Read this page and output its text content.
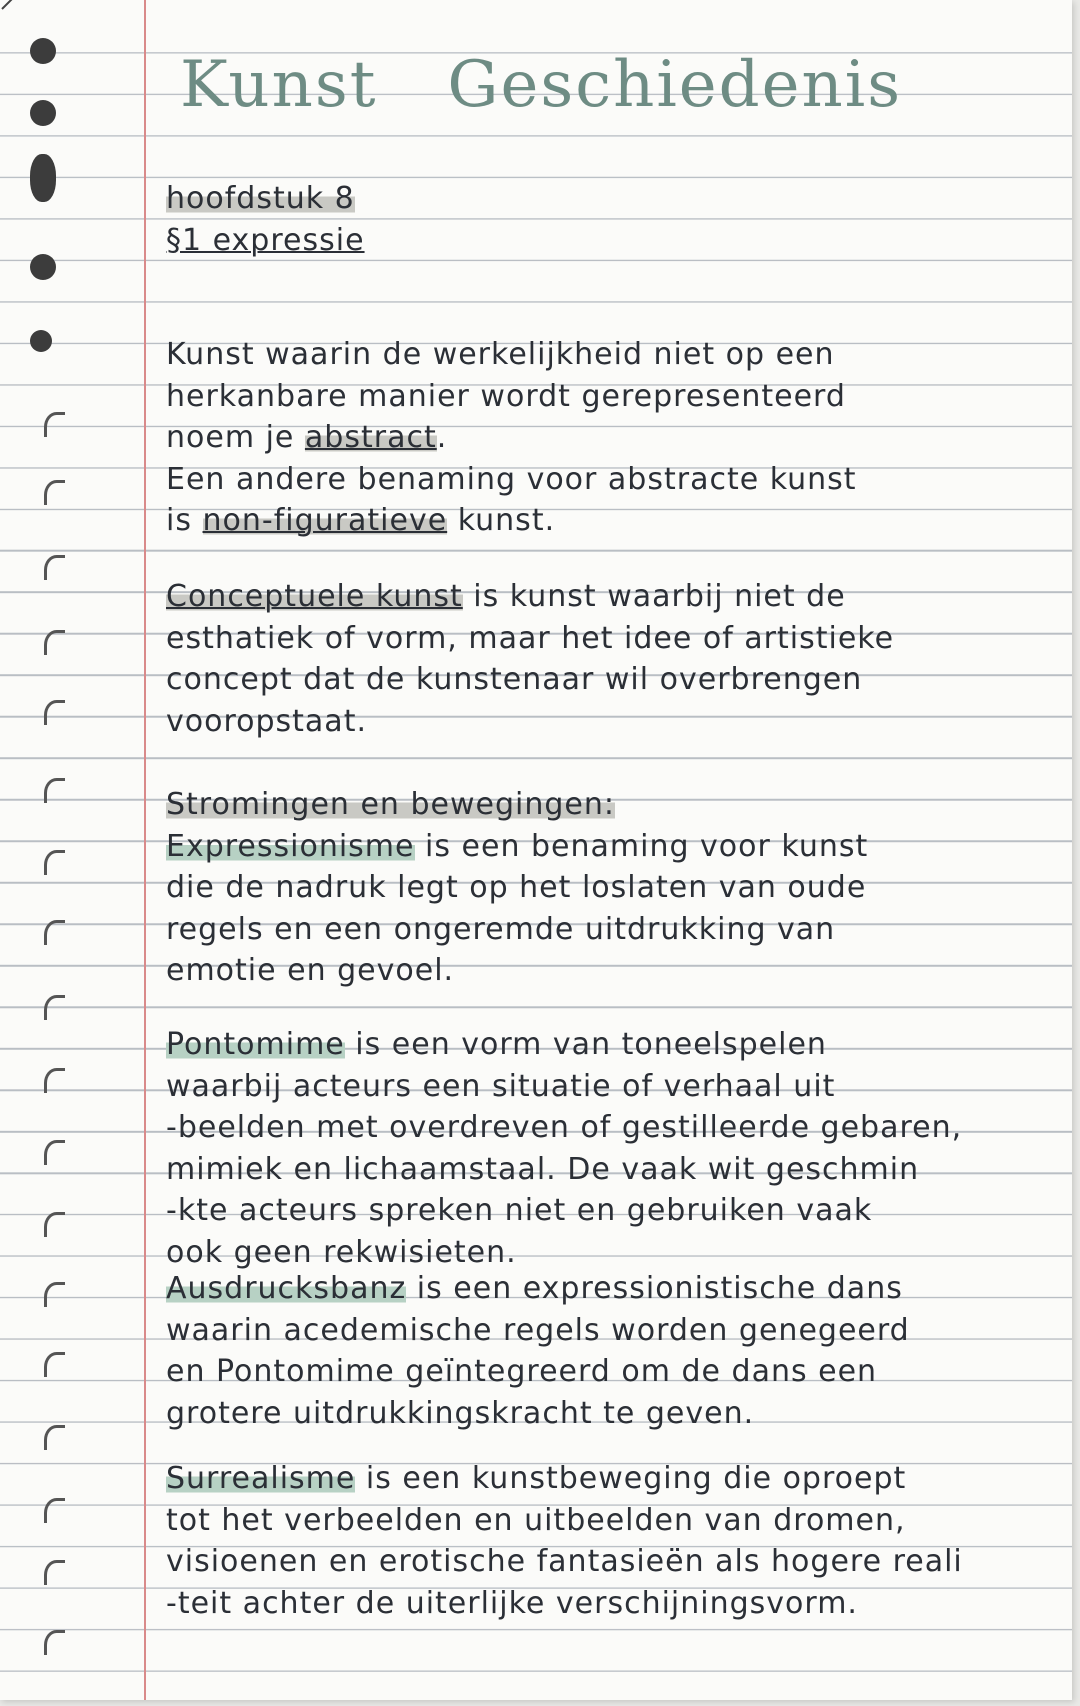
Kunst Geschiedenis

hoofdstuk 8

§1 expressie

Kunst waarin de werkelijkheid niet op een

herkanbare manier wordt gerepresenteerd

noem je abstract.

Een andere benaming voor abstracte kunst

is non-figuratieve kunst.

Conceptuele kunst is kunst waarbij niet de

esthatiek of vorm, maar het idee of artistieke

concept dat de kunstenaar wil overbrengen

vooropstaat.

Stromingen en bewegingen:

Expressionisme is een benaming voor kunst

die de nadruk legt op het loslaten van oude

regels en een ongeremde uitdrukking van

emotie en gevoel.

Pontomime is een vorm van toneelspelen

waarbij acteurs een situatie of verhaal uit

-beelden met overdreven of gestilleerde gebaren,

mimiek en lichaamstaal. De vaak wit geschmin

-kte acteurs spreken niet en gebruiken vaak

ook geen rekwisieten.

Ausdrucksbanz is een expressionistische dans

waarin acedemische regels worden genegeerd

en Pontomime geïntegreerd om de dans een

grotere uitdrukkingskracht te geven.

Surrealisme is een kunstbeweging die oproept

tot het verbeelden en uitbeelden van dromen,

visioenen en erotische fantasieën als hogere reali

-teit achter de uiterlijke verschijningsvorm.
